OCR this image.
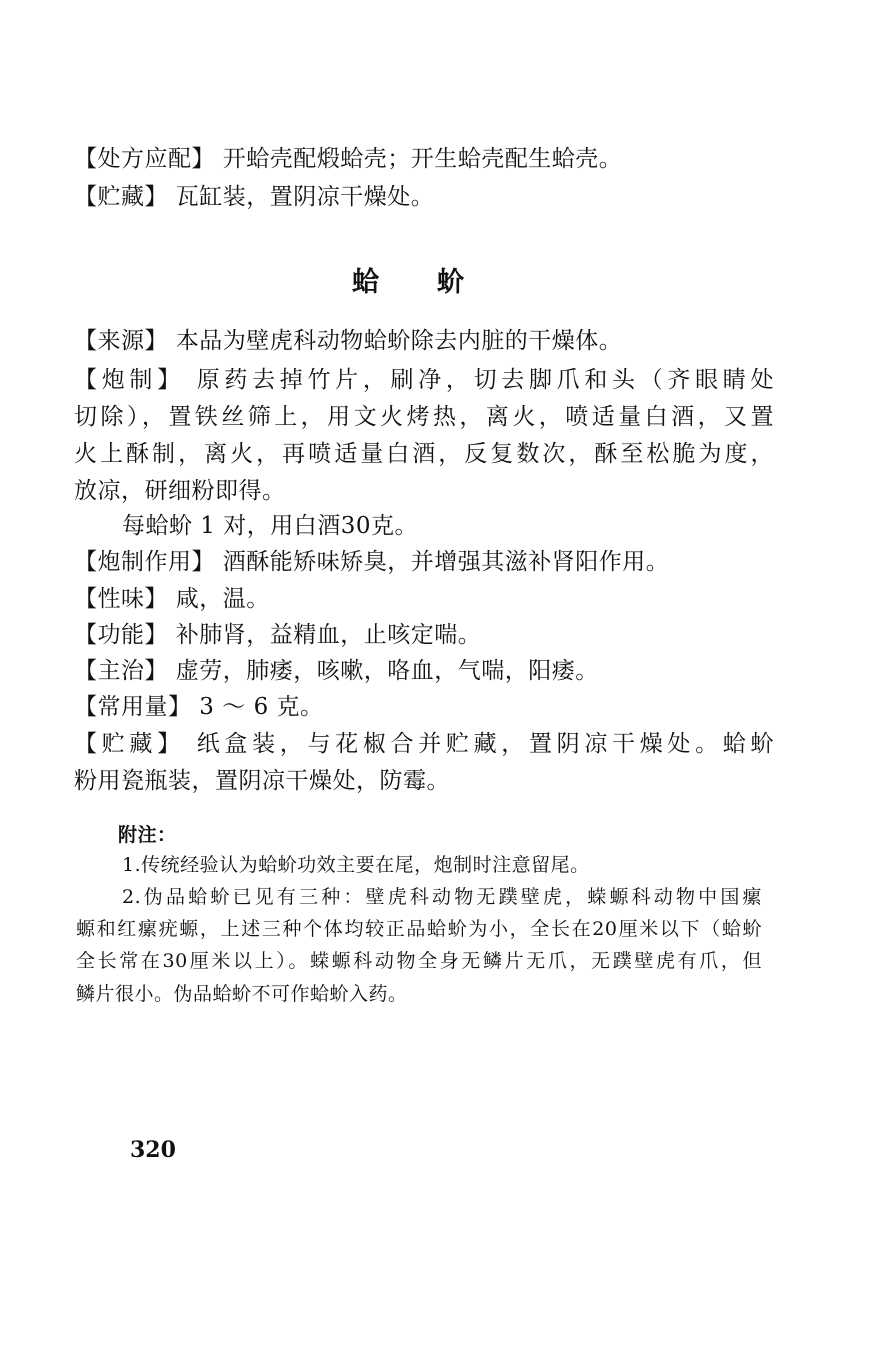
【处方应配】 开蛤壳配煅蛤壳；开生蛤壳配生蛤壳。
【贮藏】 瓦缸装，置阴凉干燥处。
蛤蚧
【来源】 本品为壁虎科动物蛤蚧除去内脏的干燥体。
【炮制】 原药去掉竹片，刷净，切去脚爪和头（齐眼睛处
切除），置铁丝筛上，用文火烤热，离火，喷适量白酒，又置
火上酥制，离火，再喷适量白酒，反复数次，酥至松脆为度，
放凉，研细粉即得。
每蛤蚧 1 对，用白酒30克。
【炮制作用】 酒酥能矫味矫臭，并增强其滋补肾阳作用。
【性味】 咸，温。
【功能】 补肺肾，益精血，止咳定喘。
【主治】 虚劳，肺痿，咳嗽，咯血，气喘，阳痿。
【常用量】 3 ～ 6 克。
【贮藏】 纸盒装，与花椒合并贮藏，置阴凉干燥处。蛤蚧
粉用瓷瓶装，置阴凉干燥处，防霉。
附注：
1.传统经验认为蛤蚧功效主要在尾，炮制时注意留尾。
2.伪品蛤蚧已见有三种：壁虎科动物无蹼壁虎，蝾螈科动物中国瘰
螈和红瘰疣螈，上述三种个体均较正品蛤蚧为小，全长在20厘米以下（蛤蚧
全长常在30厘米以上）。蝾螈科动物全身无鳞片无爪，无蹼壁虎有爪，但
鳞片很小。伪品蛤蚧不可作蛤蚧入药。
320
